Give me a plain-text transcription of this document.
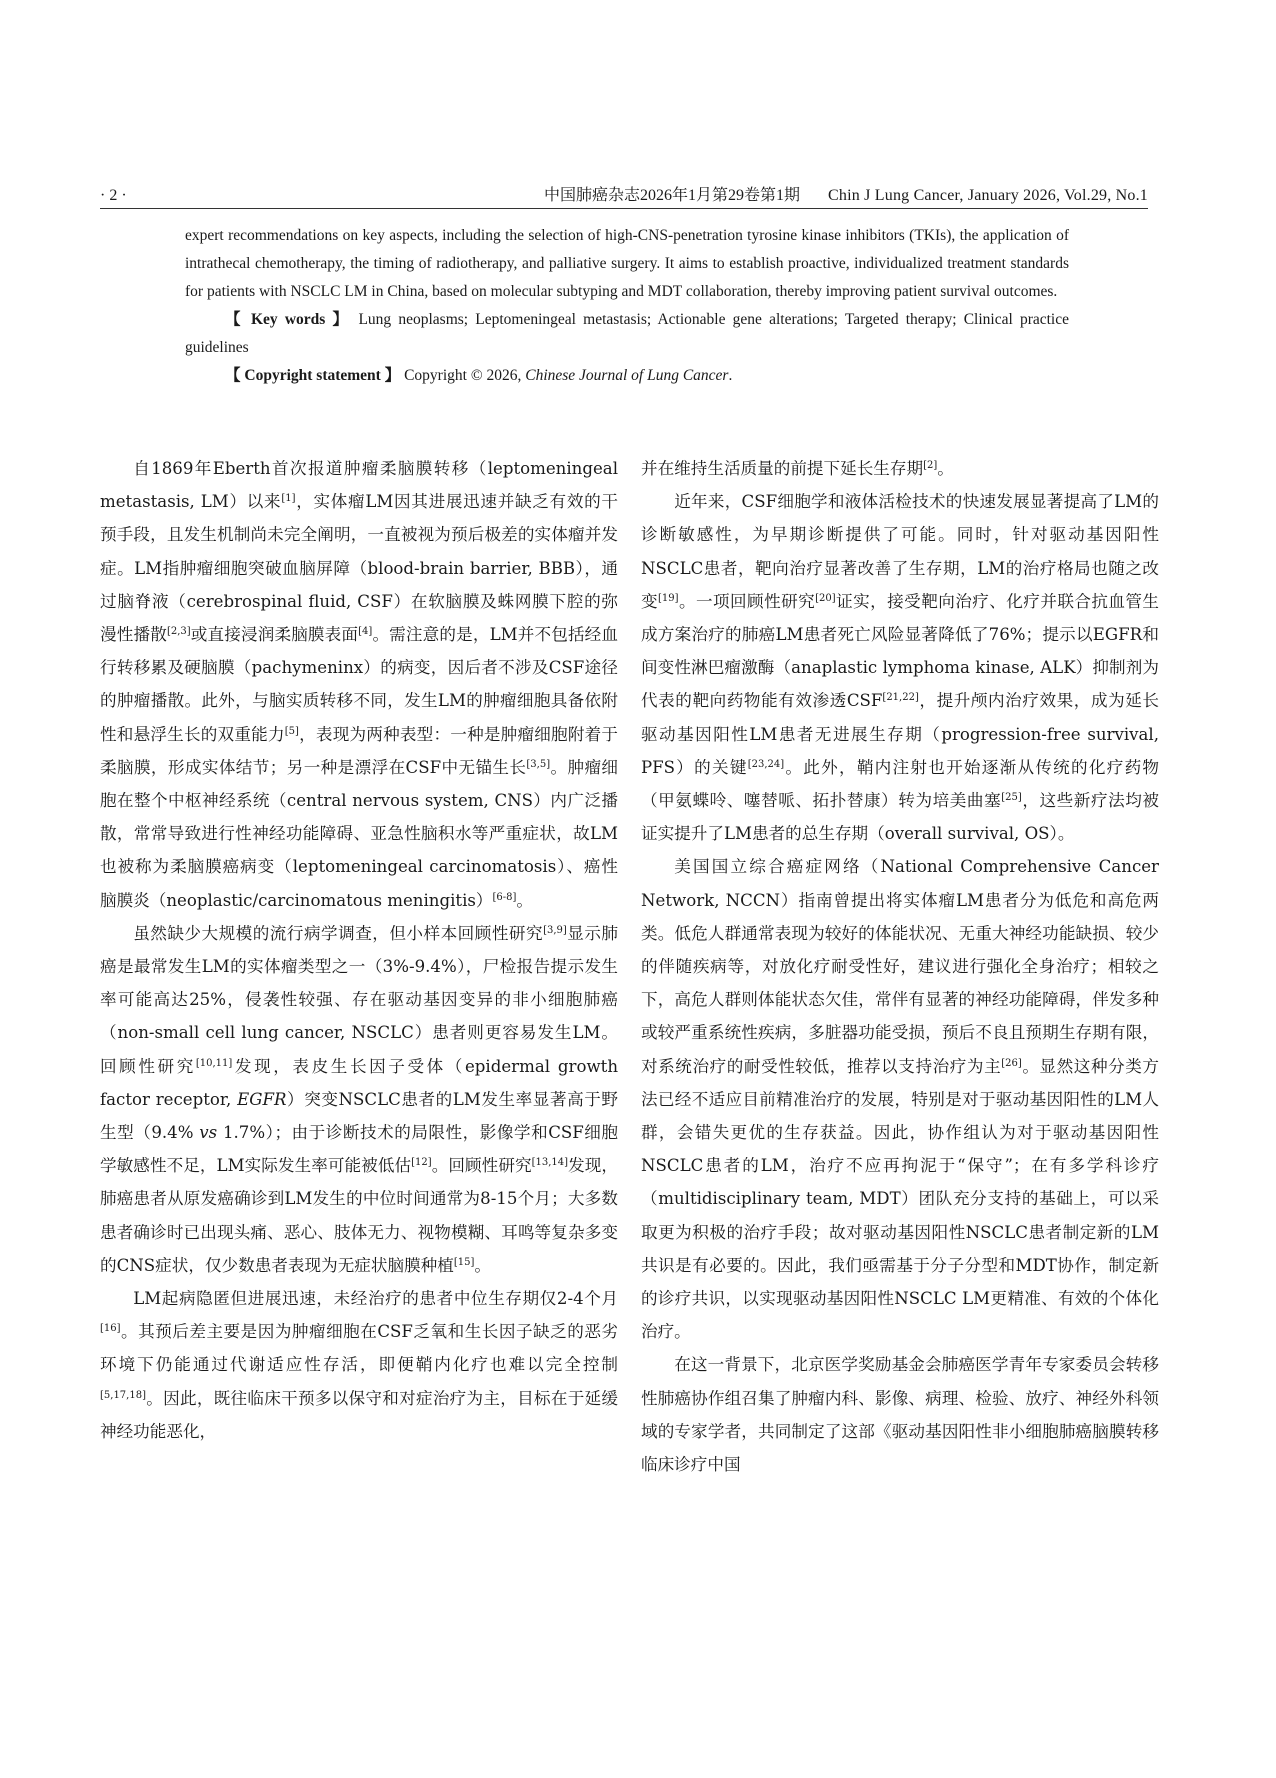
· 2 ·	中国肺癌杂志2026年1月第29卷第1期 Chin J Lung Cancer, January 2026, Vol.29, No.1

expert recommendations on key aspects, including the selection of high-CNS-penetration tyrosine kinase inhibitors (TKIs), the application of intrathecal chemotherapy, the timing of radiotherapy, and palliative surgery. It aims to establish proactive, individualized treatment standards for patients with NSCLC LM in China, based on molecular subtyping and MDT collaboration, thereby improving patient survival outcomes.

【 Key words 】 Lung neoplasms; Leptomeningeal metastasis; Actionable gene alterations; Targeted therapy; Clinical practice guidelines

【 Copyright statement 】 Copyright © 2026, Chinese Journal of Lung Cancer.

自1869年Eberth首次报道肿瘤柔脑膜转移（leptomeningeal metastasis, LM）以来[1]，实体瘤LM因其进展迅速并缺乏有效的干预手段，且发生机制尚未完全阐明，一直被视为预后极差的实体瘤并发症。LM指肿瘤细胞突破血脑屏障（blood-brain barrier, BBB），通过脑脊液（cerebrospinal fluid, CSF）在软脑膜及蛛网膜下腔的弥漫性播散[2,3]或直接浸润柔脑膜表面[4]。需注意的是，LM并不包括经血行转移累及硬脑膜（pachymeninx）的病变，因后者不涉及CSF途径的肿瘤播散。此外，与脑实质转移不同，发生LM的肿瘤细胞具备依附性和悬浮生长的双重能力[5]，表现为两种表型：一种是肿瘤细胞附着于柔脑膜，形成实体结节；另一种是漂浮在CSF中无锚生长[3,5]。肿瘤细胞在整个中枢神经系统（central nervous system, CNS）内广泛播散，常常导致进行性神经功能障碍、亚急性脑积水等严重症状，故LM也被称为柔脑膜癌病变（leptomeningeal carcinomatosis）、癌性脑膜炎（neoplastic/carcinomatous meningitis）[6-8]。

虽然缺少大规模的流行病学调查，但小样本回顾性研究[3,9]显示肺癌是最常发生LM的实体瘤类型之一（3%-9.4%），尸检报告提示发生率可能高达25%，侵袭性较强、存在驱动基因变异的非小细胞肺癌（non-small cell lung cancer, NSCLC）患者则更容易发生LM。回顾性研究[10,11]发现，表皮生长因子受体（epidermal growth factor receptor, EGFR）突变NSCLC患者的LM发生率显著高于野生型（9.4% vs 1.7%）；由于诊断技术的局限性，影像学和CSF细胞学敏感性不足，LM实际发生率可能被低估[12]。回顾性研究[13,14]发现，肺癌患者从原发癌确诊到LM发生的中位时间通常为8-15个月；大多数患者确诊时已出现头痛、恶心、肢体无力、视物模糊、耳鸣等复杂多变的CNS症状，仅少数患者表现为无症状脑膜种植[15]。

LM起病隐匿但进展迅速，未经治疗的患者中位生存期仅2-4个月[16]。其预后差主要是因为肿瘤细胞在CSF乏氧和生长因子缺乏的恶劣环境下仍能通过代谢适应性存活，即便鞘内化疗也难以完全控制[5,17,18]。因此，既往临床干预多以保守和对症治疗为主，目标在于延缓神经功能恶化，

并在维持生活质量的前提下延长生存期[2]。

近年来，CSF细胞学和液体活检技术的快速发展显著提高了LM的诊断敏感性，为早期诊断提供了可能。同时，针对驱动基因阳性NSCLC患者，靶向治疗显著改善了生存期，LM的治疗格局也随之改变[19]。一项回顾性研究[20]证实，接受靶向治疗、化疗并联合抗血管生成方案治疗的肺癌LM患者死亡风险显著降低了76%；提示以EGFR和间变性淋巴瘤激酶（anaplastic lymphoma kinase, ALK）抑制剂为代表的靶向药物能有效渗透CSF[21,22]，提升颅内治疗效果，成为延长驱动基因阳性LM患者无进展生存期（progression-free survival, PFS）的关键[23,24]。此外，鞘内注射也开始逐渐从传统的化疗药物（甲氨蝶呤、噻替哌、拓扑替康）转为培美曲塞[25]，这些新疗法均被证实提升了LM患者的总生存期（overall survival, OS）。

美国国立综合癌症网络（National Comprehensive Cancer Network, NCCN）指南曾提出将实体瘤LM患者分为低危和高危两类。低危人群通常表现为较好的体能状况、无重大神经功能缺损、较少的伴随疾病等，对放化疗耐受性好，建议进行强化全身治疗；相较之下，高危人群则体能状态欠佳，常伴有显著的神经功能障碍，伴发多种或较严重系统性疾病，多脏器功能受损，预后不良且预期生存期有限，对系统治疗的耐受性较低，推荐以支持治疗为主[26]。显然这种分类方法已经不适应目前精准治疗的发展，特别是对于驱动基因阳性的LM人群，会错失更优的生存获益。因此，协作组认为对于驱动基因阳性NSCLC患者的LM，治疗不应再拘泥于“保守”；在有多学科诊疗（multidisciplinary team, MDT）团队充分支持的基础上，可以采取更为积极的治疗手段；故对驱动基因阳性NSCLC患者制定新的LM共识是有必要的。因此，我们亟需基于分子分型和MDT协作，制定新的诊疗共识，以实现驱动基因阳性NSCLC LM更精准、有效的个体化治疗。

在这一背景下，北京医学奖励基金会肺癌医学青年专家委员会转移性肺癌协作组召集了肿瘤内科、影像、病理、检验、放疗、神经外科领域的专家学者，共同制定了这部《驱动基因阳性非小细胞肺癌脑膜转移临床诊疗中国
